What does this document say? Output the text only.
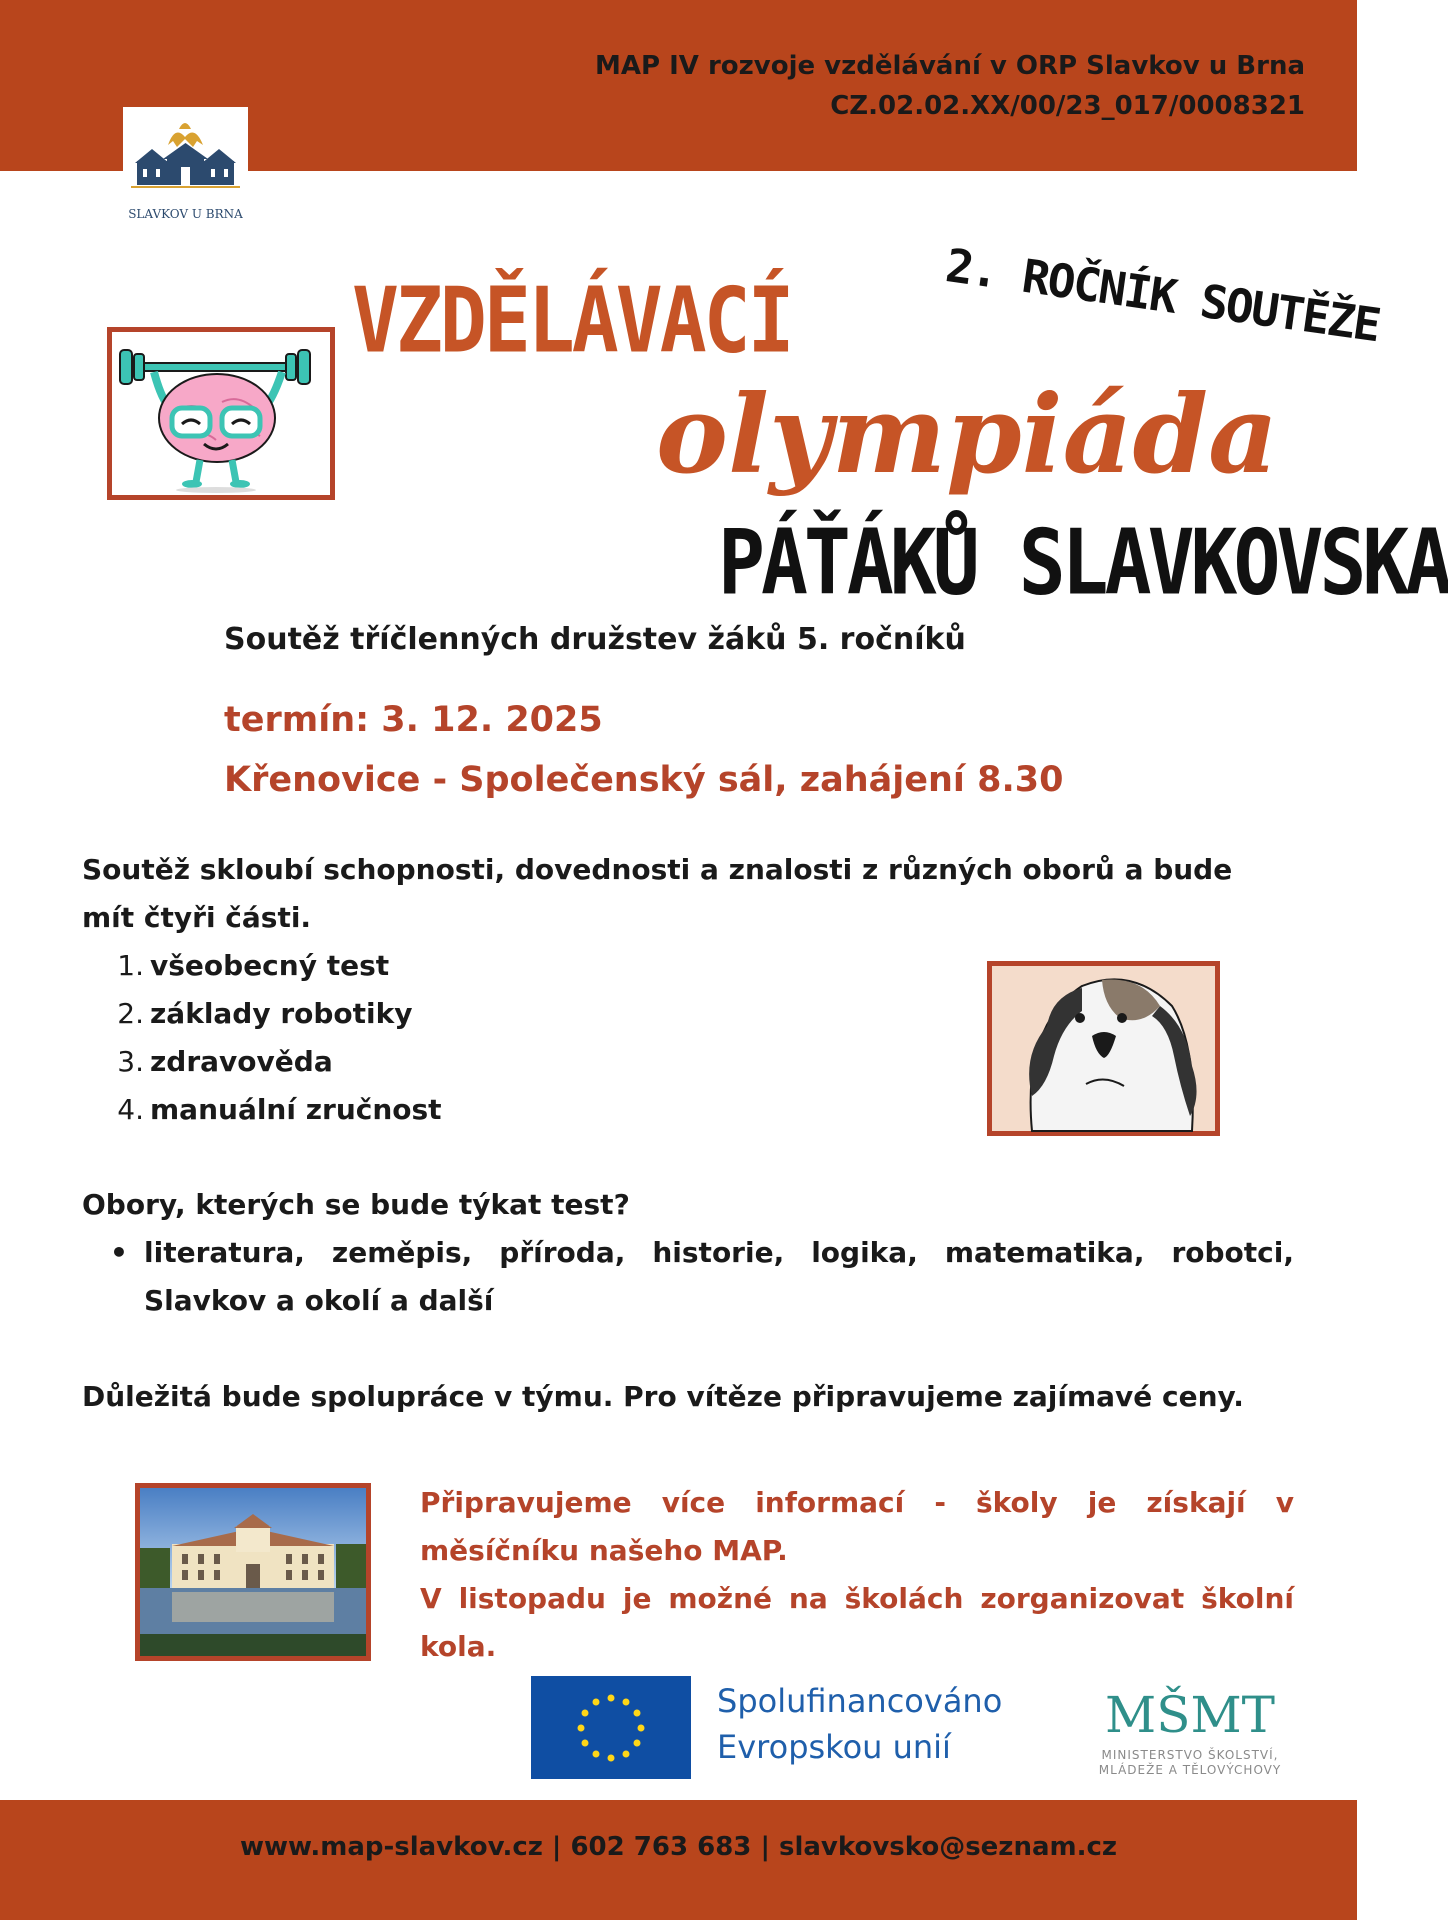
MAP IV rozvoje vzdělávání v ORP Slavkov u Brna
CZ.02.02.XX/00/23_017/0008321
SLAVKOV U BRNA
2. ROČNÍK SOUTĚŽE
VZDĚLÁVACÍ
olympiáda
PÁŤÁKŮ SLAVKOVSKA
Soutěž tříčlenných družstev žáků 5. ročníků
termín: 3. 12. 2025
Křenovice - Společenský sál, zahájení 8.30
Soutěž skloubí schopnosti, dovednosti a znalosti z různých oborů a bude mít čtyři části.
1. všeobecný test
2. základy robotiky
3. zdravověda
4. manuální zručnost
Obory, kterých se bude týkat test?
• literatura, zeměpis, příroda, historie, logika, matematika, robotci, Slavkov a okolí a další
Důležitá bude spolupráce v týmu. Pro vítěze připravujeme zajímavé ceny.

Připravujeme více informací - školy je získají v měsíčníku našeho MAP.

V listopadu je možné na školách zorganizovat školní kola.

Spolufinancováno
Evropskou unií
MŠMT
MINISTERSTVO ŠKOLSTVÍ,
MLÁDEŽE A TĚLOVÝCHOVY
www.map-slavkov.cz | 602 763 683 | slavkovsko@seznam.cz
